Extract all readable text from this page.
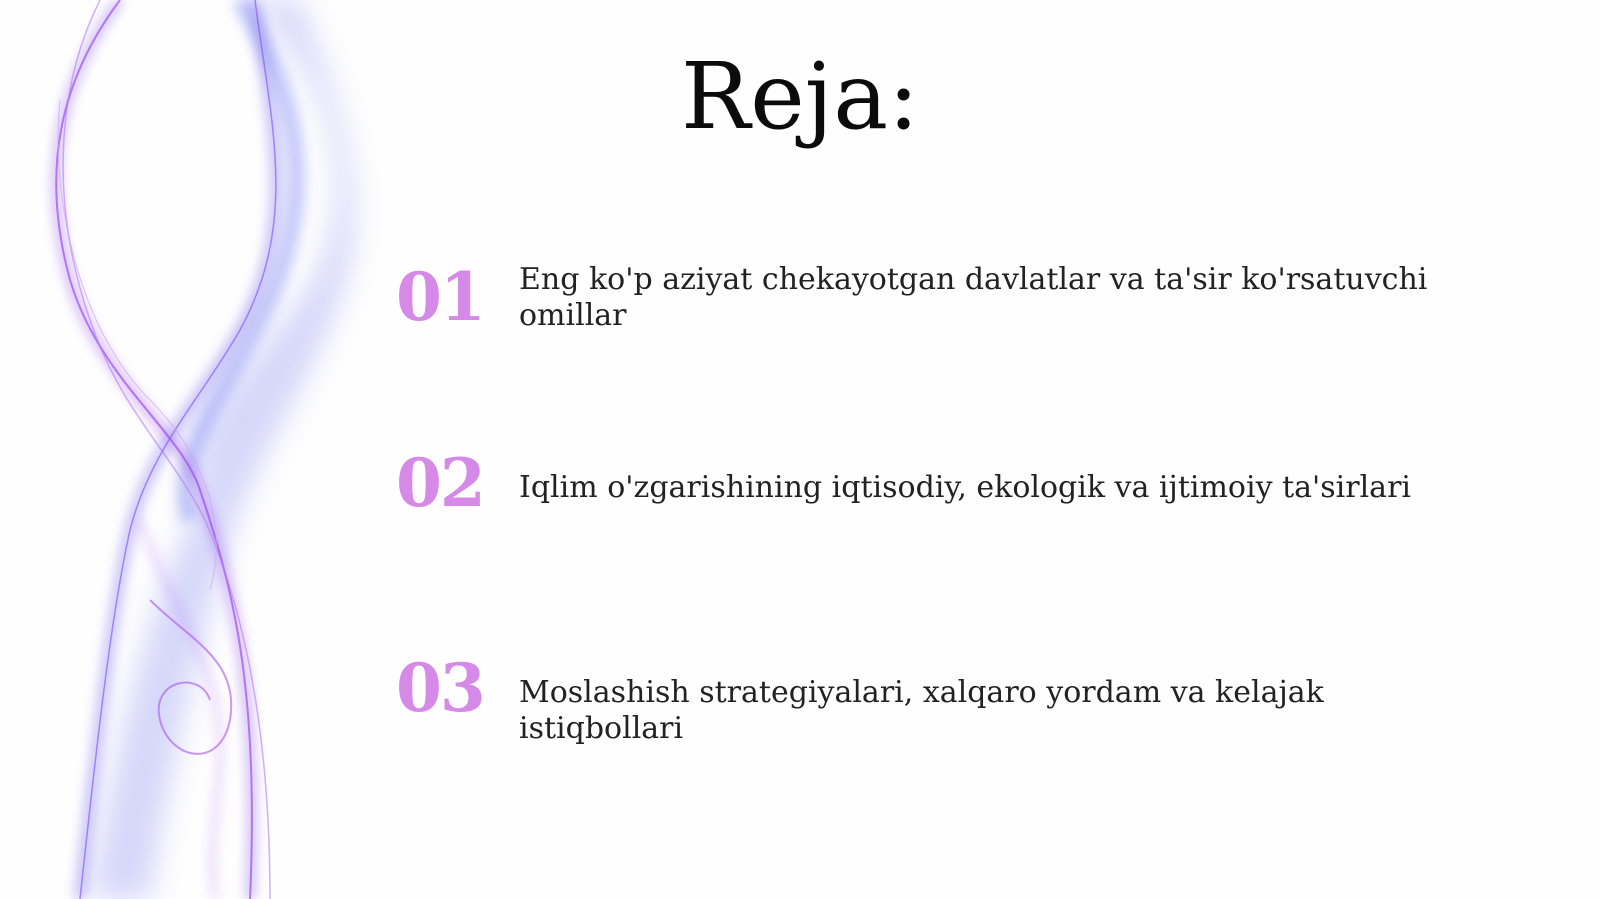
Reja:
01 Eng ko'p aziyat chekayotgan davlatlar va ta'sir ko'rsatuvchi omillar
02 Iqlim o'zgarishining iqtisodiy, ekologik va ijtimoiy ta'sirlari
03 Moslashish strategiyalari, xalqaro yordam va kelajak istiqbollari
